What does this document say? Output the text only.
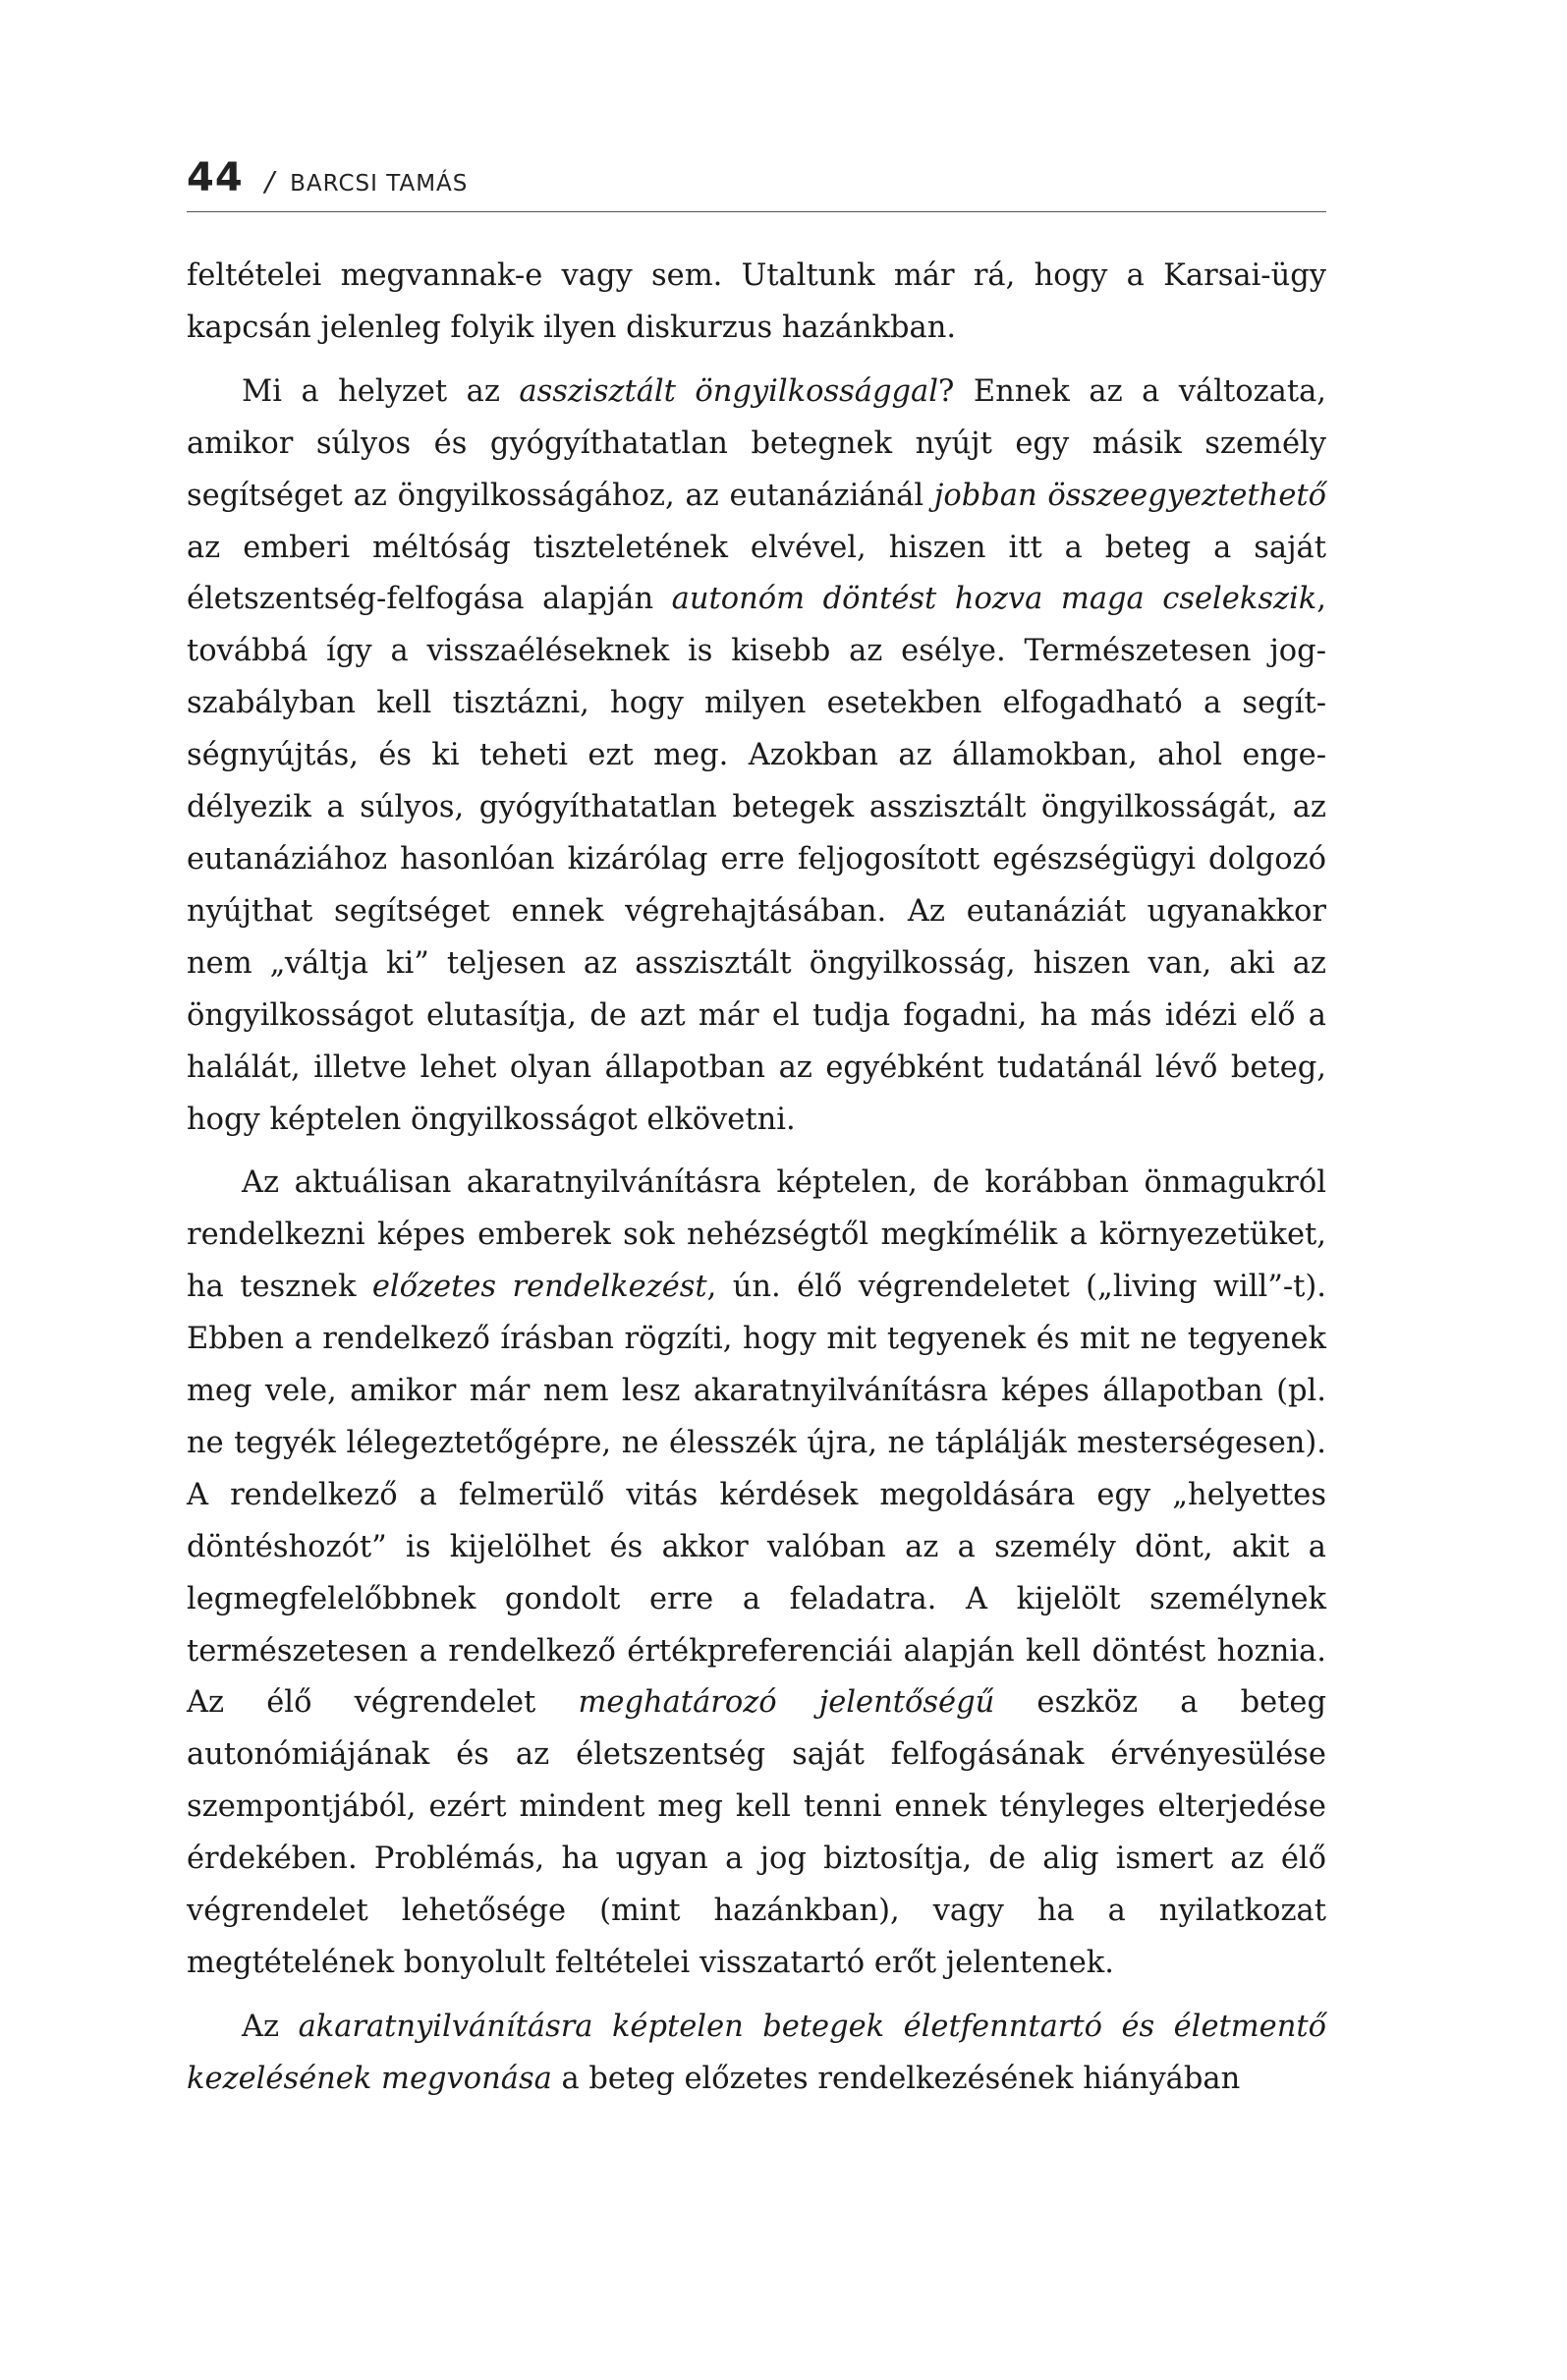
44 / BARCSI TAMÁS

feltételei megvannak-e vagy sem. Utaltunk már rá, hogy a Karsai-ügy kapcsán jelenleg folyik ilyen diskurzus hazánkban.

Mi a helyzet az asszisztált öngyilkossággal? Ennek az a változata, amikor súlyos és gyógyíthatatlan betegnek nyújt egy másik személy segítséget az öngyilkosságához, az eutanáziánál jobban összeegyeztethető az emberi méltóság tiszteletének elvével, hiszen itt a beteg a saját életszentség-felfogása alapján autonóm döntést hozva maga cselekszik, továbbá így a visszaéléseknek is kisebb az esélye. Természetesen jogszabályban kell tisztázni, hogy milyen esetekben elfogadható a segítségnyújtás, és ki teheti ezt meg. Azokban az államokban, ahol engedélyezik a súlyos, gyógyíthatatlan betegek asszisztált öngyilkosságát, az eutanáziához hasonlóan kizárólag erre feljogosított egészségügyi dolgozó nyújthat segítséget ennek végrehajtásában. Az eutanáziát ugyanakkor nem „váltja ki” teljesen az asszisztált öngyilkosság, hiszen van, aki az öngyilkosságot elutasítja, de azt már el tudja fogadni, ha más idézi elő a halálát, illetve lehet olyan állapotban az egyébként tudatánál lévő beteg, hogy képtelen öngyilkosságot elkövetni.

Az aktuálisan akaratnyilvánításra képtelen, de korábban önmagukról rendelkezni képes emberek sok nehézségtől megkímélik a környezetüket, ha tesznek előzetes rendelkezést, ún. élő végrendeletet („living will”-t). Ebben a rendelkező írásban rögzíti, hogy mit tegyenek és mit ne tegyenek meg vele, amikor már nem lesz akaratnyilvánításra képes állapotban (pl. ne tegyék lélegeztetőgépre, ne élesszék újra, ne táplálják mesterségesen). A rendelkező a felmerülő vitás kérdések megoldására egy „helyettes döntéshozót” is kijelölhet és akkor valóban az a személy dönt, akit a legmegfelelőbbnek gondolt erre a feladatra. A kijelölt személynek természetesen a rendelkező értékpreferenciái alapján kell döntést hoznia. Az élő végrendelet meghatározó jelentőségű eszköz a beteg autonómiájának és az életszentség saját felfogásának érvényesülése szempontjából, ezért mindent meg kell tenni ennek tényleges elterjedése érdekében. Problémás, ha ugyan a jog biztosítja, de alig ismert az élő végrendelet lehetősége (mint hazánkban), vagy ha a nyilatkozat megtételének bonyolult feltételei visszatartó erőt jelentenek.

Az akaratnyilvánításra képtelen betegek életfenntartó és életmentő kezelésének megvonása a beteg előzetes rendelkezésének hiányában
